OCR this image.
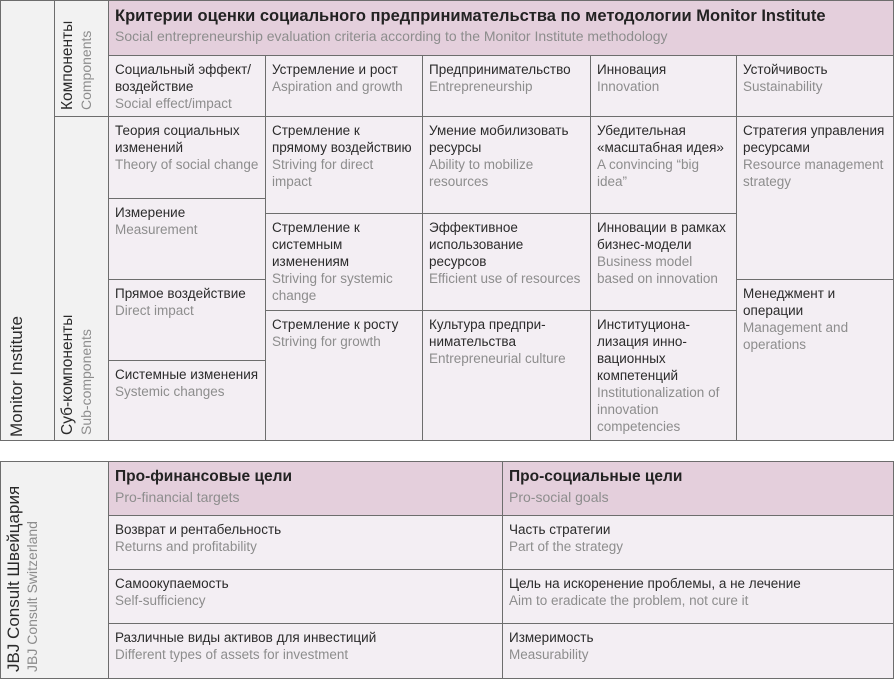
Monitor Institute
Компоненты Components
Суб-компоненты Sub-components
Критерии оценки социального предпринимательства по методологии Monitor Institute
Social entrepreneurship evaluation criteria according to the Monitor Institute methodology
Социальный эффект/ воздействие
Social effect/impact
Устремление и рост
Aspiration and growth
Предпринимательство
Entrepreneurship
Инновация
Innovation
Устойчивость
Sustainability
Теория социальных изменений
Theory of social change
Измерение
Measurement
Прямое воздействие
Direct impact
Системные изменения
Systemic changes
Стремление к прямому воздействию
Striving for direct impact
Стремление к системным изменениям
Striving for systemic change
Стремление к росту
Striving for growth
Умение мобилизовать ресурсы
Ability to mobilize resources
Эффективное использование ресурсов
Efficient use of resources
Культура предпри-нимательства
Entrepreneurial culture
Убедительная «масштабная идея»
A convincing “big idea”
Инновации в рамках бизнес-модели
Business model based on innovation
Институциона-лизация инно-вационных компетенций
Institutionalization of innovation competencies
Стратегия управления ресурсами
Resource management strategy
Менеджмент и операции
Management and operations
JBJ Consult Швейцария JBJ Consult Switzerland
Про-финансовые цели
Pro-financial targets
Про-социальные цели
Pro-social goals
Возврат и рентабельность
Returns and profitability
Часть стратегии
Part of the strategy
Самоокупаемость
Self-sufficiency
Цель на искоренение проблемы, а не лечение
Aim to eradicate the problem, not cure it
Различные виды активов для инвестиций
Different types of assets for investment
Измеримость
Measurability
